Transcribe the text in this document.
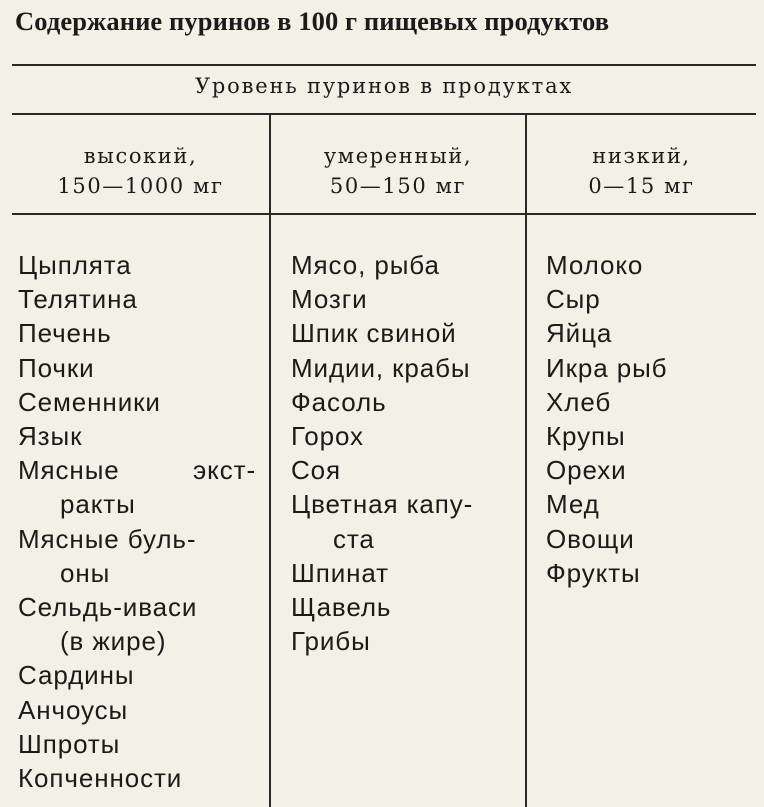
Содержание пуринов в 100 г пищевых продуктов
Уровень пуринов в продуктах
высокий,
150—1000 мг
умеренный,
50—150 мг
низкий,
0—15 мг
Цыплята
Телятина
Печень
Почки
Семенники
Язык
Мясные	экст-
ракты
Мясные буль-
оны
Сельдь-иваси
(в жире)
Сардины
Анчоусы
Шпроты
Копченности
Мясо, рыба
Мозги
Шпик свиной
Мидии, крабы
Фасоль
Горох
Соя
Цветная капу-
ста
Шпинат
Щавель
Грибы
Молоко
Сыр
Яйца
Икра рыб
Хлеб
Крупы
Орехи
Мед
Овощи
Фрукты
